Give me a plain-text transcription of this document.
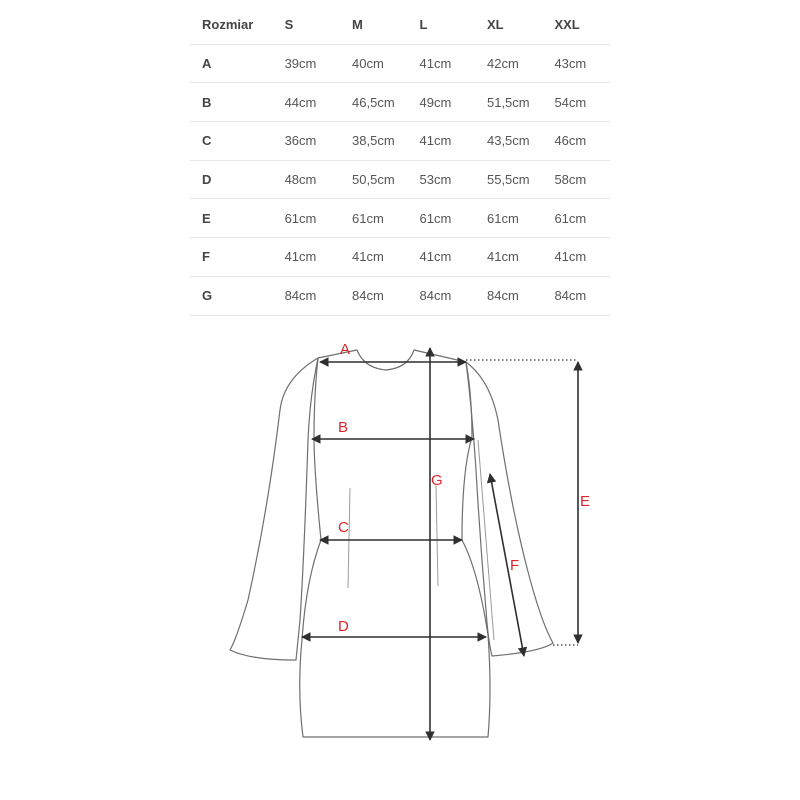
Rozmiar	S	M	L	XL	XXL
A	39cm	40cm	41cm	42cm	43cm
B	44cm	46,5cm	49cm	51,5cm	54cm
C	36cm	38,5cm	41cm	43,5cm	46cm
D	48cm	50,5cm	53cm	55,5cm	58cm
E	61cm	61cm	61cm	61cm	61cm
F	41cm	41cm	41cm	41cm	41cm
G	84cm	84cm	84cm	84cm	84cm
A
B
C
D
G
E
F
